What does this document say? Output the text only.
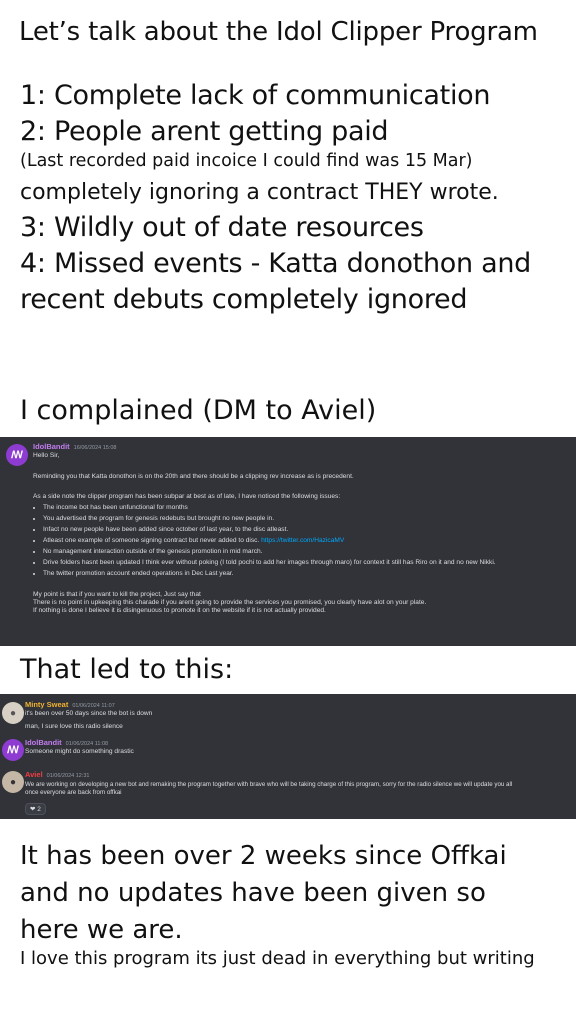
Let’s talk about the Idol Clipper Program
1: Complete lack of communication
2: People arent getting paid
(Last recorded paid incoice I could find was 15 Mar)
completely ignoring a contract THEY wrote.
3: Wildly out of date resources
4: Missed events - Katta donothon and
recent debuts completely ignored
I complained (DM to Aviel)
ꟿ
IdolBandit 16/06/2024 15:08

Hello Sir,

Reminding you that Katta donothon is on the 20th and there should be a clipping rev increase as is precedent.

As a side note the clipper program has been subpar at best as of late, I have noticed the following issues:

• The income bot has been unfunctional for months
• You advertised the program for genesis redebuts but brought no new people in.
• Infact no new people have been added since october of last year, to the disc atleast.
• Atleast one example of someone signing contract but never added to disc. https://twitter.com/HazicaMV
• No management interaction outside of the genesis promotion in mid march.
• Drive folders hasnt been updated I think ever without poking (I told pochi to add her images through maro) for context it still has Riro on it and no new Nikki.
• The twitter promotion account ended operations in Dec Last year.
My point is that if you want to kill the project, Just say that
There is no point in upkeeping this charade if you arent going to provide the services you promised, you clearly have alot on your plate.
If nothing is done I believe it is disingenuous to promote it on the website if it is not actually provided.
That led to this:
●
Minty Sweat 01/06/2024 11:07
it's been over 50 days since the bot is down
man, I sure love this radio silence
ꟿ
IdolBandit 01/06/2024 11:08
Someone might do something drastic
●
Aviel 01/06/2024 12:31
We are working on developing a new bot and remaking the program together with brave who will be taking charge of this program, sorry for the radio silence we will update you all
once everyone are back from offkai
❤ 2
It has been over 2 weeks since Offkai
and no updates have been given so
here we are.
I love this program its just dead in everything but writing
